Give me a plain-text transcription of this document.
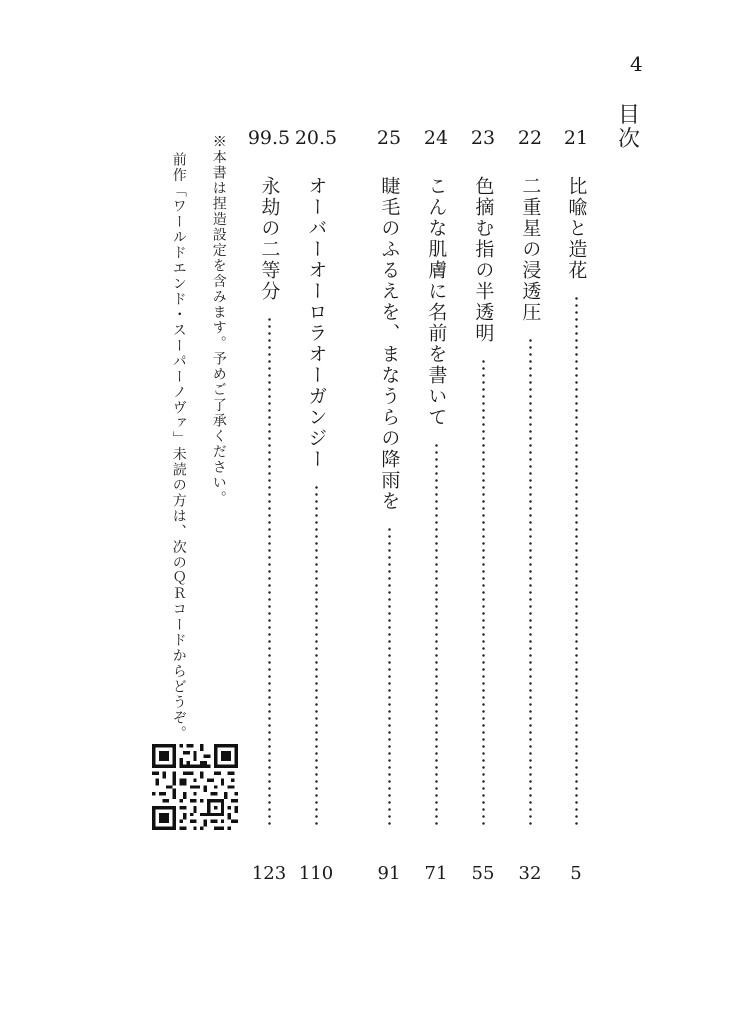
4
目
次
21
比喩と造花
5
22
二重星の浸透圧
32
23
色摘む指の半透明
55
24
こんな肌膚に名前を書いて
71
25
睫毛のふるえを、まなうらの降雨を
91
20.5
オーバーオーロラオーガンジー
110
99.5
永劫の二等分
123
※本書は捏造設定を含みます。予めご了承ください。
前作「ワールドエンド・スーパーノヴァ」未読の方は、次のＱＲコードからどうぞ。
